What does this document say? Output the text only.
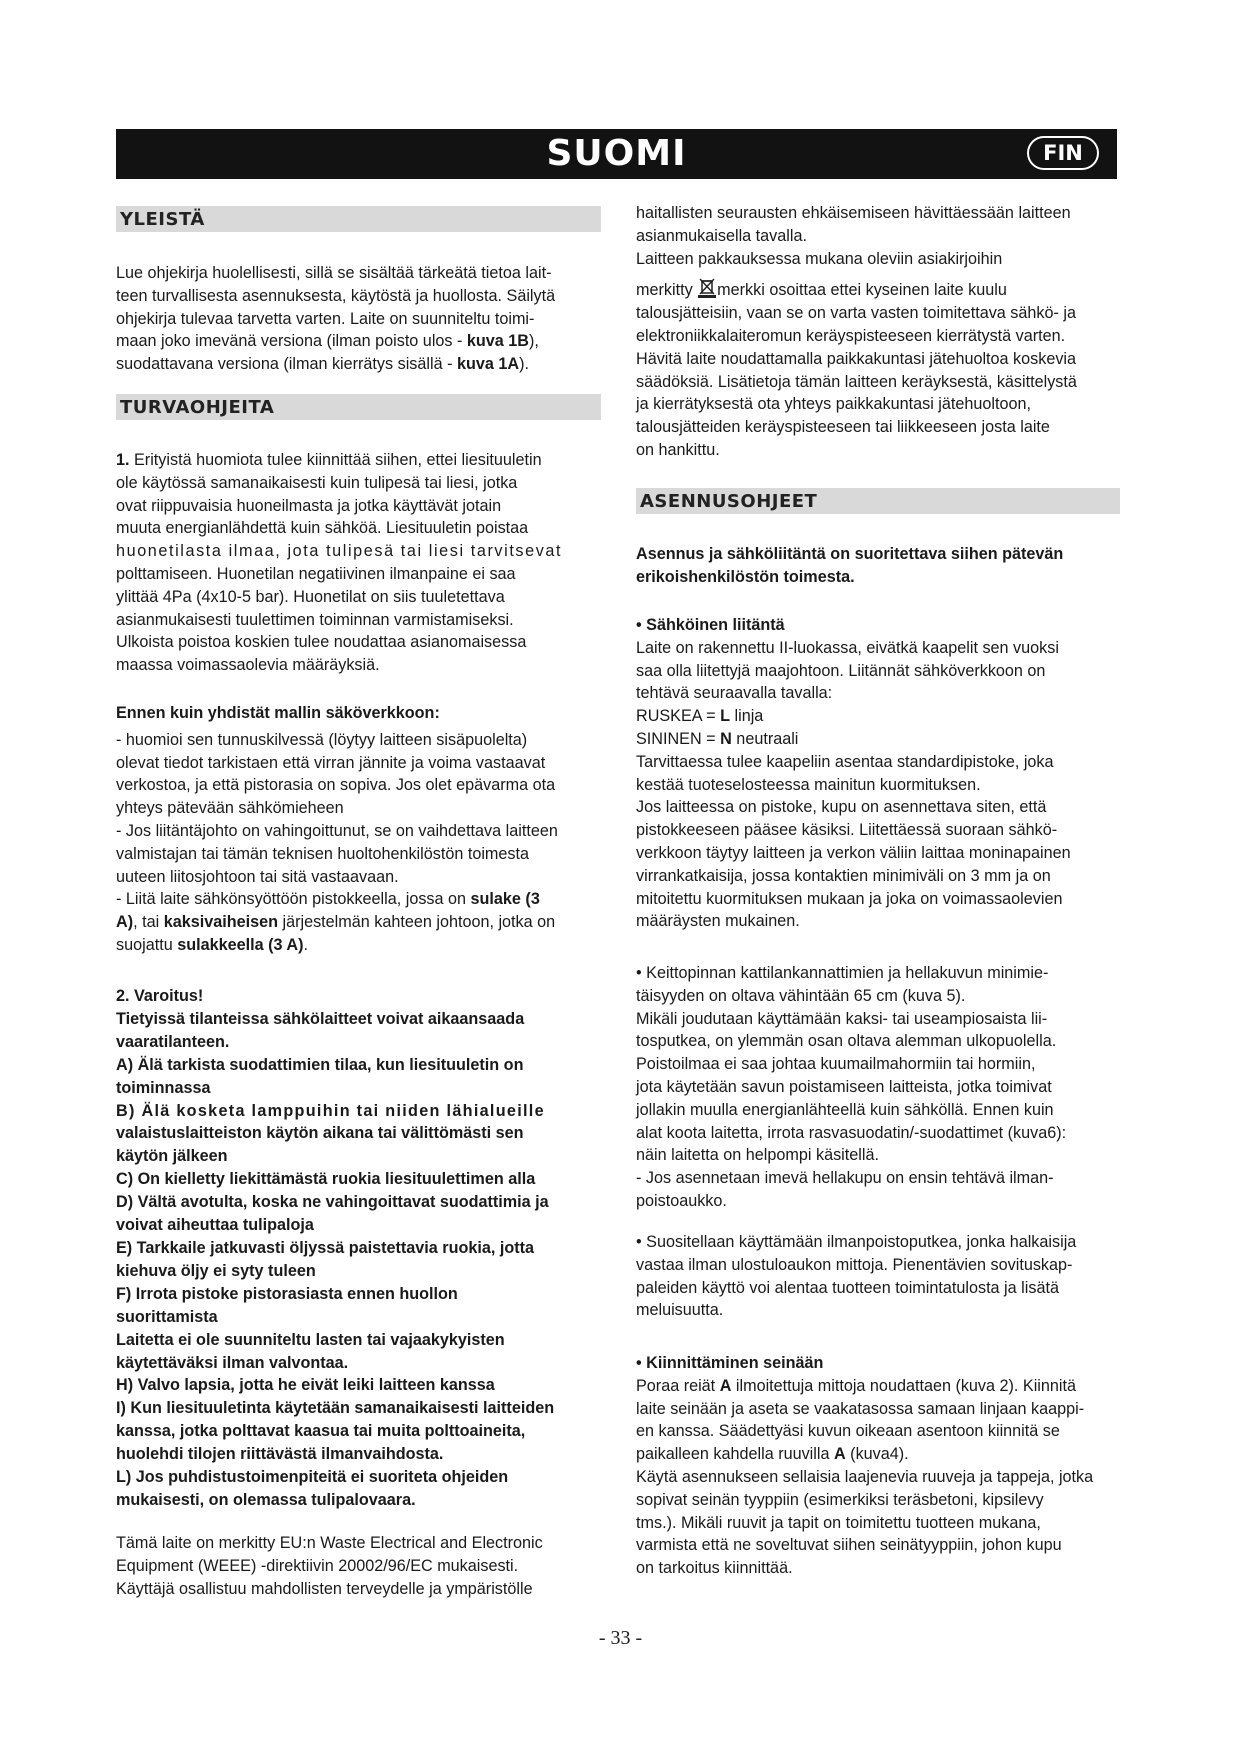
SUOMI	FIN
YLEISTÄ
Lue ohjekirja huolellisesti, sillä se sisältää tärkeätä tietoa lait-
teen turvallisesta asennuksesta, käytöstä ja huollosta. Säilytä
ohjekirja tulevaa tarvetta varten. Laite on suunniteltu toimi-
maan joko imevänä versiona (ilman poisto ulos - kuva 1B),
suodattavana versiona (ilman kierrätys sisällä - kuva 1A).
TURVAOHJEITA
1. Erityistä huomiota tulee kiinnittää siihen, ettei liesituuletin
ole käytössä samanaikaisesti kuin tulipesä tai liesi, jotka
ovat riippuvaisia huoneilmasta ja jotka käyttävät jotain
muuta energianlähdettä kuin sähköä. Liesituuletin poistaa
huonetilasta ilmaa, jota tulipesä tai liesi tarvitsevat
polttamiseen. Huonetilan negatiivinen ilmanpaine ei saa
ylittää 4Pa (4x10-5 bar). Huonetilat on siis tuuletettava
asianmukaisesti tuulettimen toiminnan varmistamiseksi.
Ulkoista poistoa koskien tulee noudattaa asianomaisessa
maassa voimassaolevia määräyksiä.
Ennen kuin yhdistät mallin säköverkkoon:
- huomioi sen tunnuskilvessä (löytyy laitteen sisäpuolelta)
olevat tiedot tarkistaen että virran jännite ja voima vastaavat
verkostoa, ja että pistorasia on sopiva. Jos olet epävarma ota
yhteys pätevään sähkömieheen
- Jos liitäntäjohto on vahingoittunut, se on vaihdettava laitteen
valmistajan tai tämän teknisen huoltohenkilöstön toimesta
uuteen liitosjohtoon tai sitä vastaavaan.
- Liitä laite sähkönsyöttöön pistokkeella, jossa on sulake (3
A), tai kaksivaiheisen järjestelmän kahteen johtoon, jotka on
suojattu sulakkeella (3 A).
2. Varoitus!
Tietyissä tilanteissa sähkölaitteet voivat aikaansaada
vaaratilanteen.
A) Älä tarkista suodattimien tilaa, kun liesituuletin on
toiminnassa
B) Älä kosketa lamppuihin tai niiden lähialueille
valaistuslaitteiston käytön aikana tai välittömästi sen
käytön jälkeen
C) On kielletty liekittämästä ruokia liesituulettimen alla
D) Vältä avotulta, koska ne vahingoittavat suodattimia ja
voivat aiheuttaa tulipaloja
E) Tarkkaile jatkuvasti öljyssä paistettavia ruokia, jotta
kiehuva öljy ei syty tuleen
F) Irrota pistoke pistorasiasta ennen huollon
suorittamista
Laitetta ei ole suunniteltu lasten tai vajaakykyisten
käytettäväksi ilman valvontaa.
H) Valvo lapsia, jotta he eivät leiki laitteen kanssa
I) Kun liesituuletinta käytetään samanaikaisesti laitteiden
kanssa, jotka polttavat kaasua tai muita polttoaineita,
huolehdi tilojen riittävästä ilmanvaihdosta.
L) Jos puhdistustoimenpiteitä ei suoriteta ohjeiden
mukaisesti, on olemassa tulipalovaara.
Tämä laite on merkitty EU:n Waste Electrical and Electronic
Equipment (WEEE) -direktiivin 20002/96/EC mukaisesti.
Käyttäjä osallistuu mahdollisten terveydelle ja ympäristölle
haitallisten seurausten ehkäisemiseen hävittäessään laitteen
asianmukaisella tavalla.
Laitteen pakkauksessa mukana oleviin asiakirjoihin
merkitty merkki osoittaa ettei kyseinen laite kuulu
talousjätteisiin, vaan se on varta vasten toimitettava sähkö- ja
elektroniikkalaiteromun keräyspisteeseen kierrätystä varten.
Hävitä laite noudattamalla paikkakuntasi jätehuoltoa koskevia
säädöksiä. Lisätietoja tämän laitteen keräyksestä, käsittelystä
ja kierrätyksestä ota yhteys paikkakuntasi jätehuoltoon,
talousjätteiden keräyspisteeseen tai liikkeeseen josta laite
on hankittu.
ASENNUSOHJEET
Asennus ja sähköliitäntä on suoritettava siihen pätevän
erikoishenkilöstön toimesta.
• Sähköinen liitäntä
Laite on rakennettu II-luokassa, eivätkä kaapelit sen vuoksi
saa olla liitettyjä maajohtoon. Liitännät sähköverkkoon on
tehtävä seuraavalla tavalla:
RUSKEA = L linja
SININEN = N neutraali
Tarvittaessa tulee kaapeliin asentaa standardipistoke, joka
kestää tuoteselosteessa mainitun kuormituksen.
Jos laitteessa on pistoke, kupu on asennettava siten, että
pistokkeeseen pääsee käsiksi. Liitettäessä suoraan sähkö-
verkkoon täytyy laitteen ja verkon väliin laittaa moninapainen
virrankatkaisija, jossa kontaktien minimiväli on 3 mm ja on
mitoitettu kuormituksen mukaan ja joka on voimassaolevien
määräysten mukainen.
• Keittopinnan kattilankannattimien ja hellakuvun minimie-
täisyyden on oltava vähintään 65 cm (kuva 5).
Mikäli joudutaan käyttämään kaksi- tai useampiosaista lii-
tosputkea, on ylemmän osan oltava alemman ulkopuolella.
Poistoilmaa ei saa johtaa kuumailmahormiin tai hormiin,
jota käytetään savun poistamiseen laitteista, jotka toimivat
jollakin muulla energianlähteellä kuin sähköllä. Ennen kuin
alat koota laitetta, irrota rasvasuodatin/-suodattimet (kuva6):
näin laitetta on helpompi käsitellä.
- Jos asennetaan imevä hellakupu on ensin tehtävä ilman-
poistoaukko.
• Suositellaan käyttämään ilmanpoistoputkea, jonka halkaisija
vastaa ilman ulostuloaukon mittoja. Pienentävien sovituskap-
paleiden käyttö voi alentaa tuotteen toimintatulosta ja lisätä
meluisuutta.
• Kiinnittäminen seinään
Poraa reiät A ilmoitettuja mittoja noudattaen (kuva 2). Kiinnitä
laite seinään ja aseta se vaakatasossa samaan linjaan kaappi-
en kanssa. Säädettyäsi kuvun oikeaan asentoon kiinnitä se
paikalleen kahdella ruuvilla A (kuva4).
Käytä asennukseen sellaisia laajenevia ruuveja ja tappeja, jotka
sopivat seinän tyyppiin (esimerkiksi teräsbetoni, kipsilevy
tms.). Mikäli ruuvit ja tapit on toimitettu tuotteen mukana,
varmista että ne soveltuvat siihen seinätyyppiin, johon kupu
on tarkoitus kiinnittää.
- 33 -
